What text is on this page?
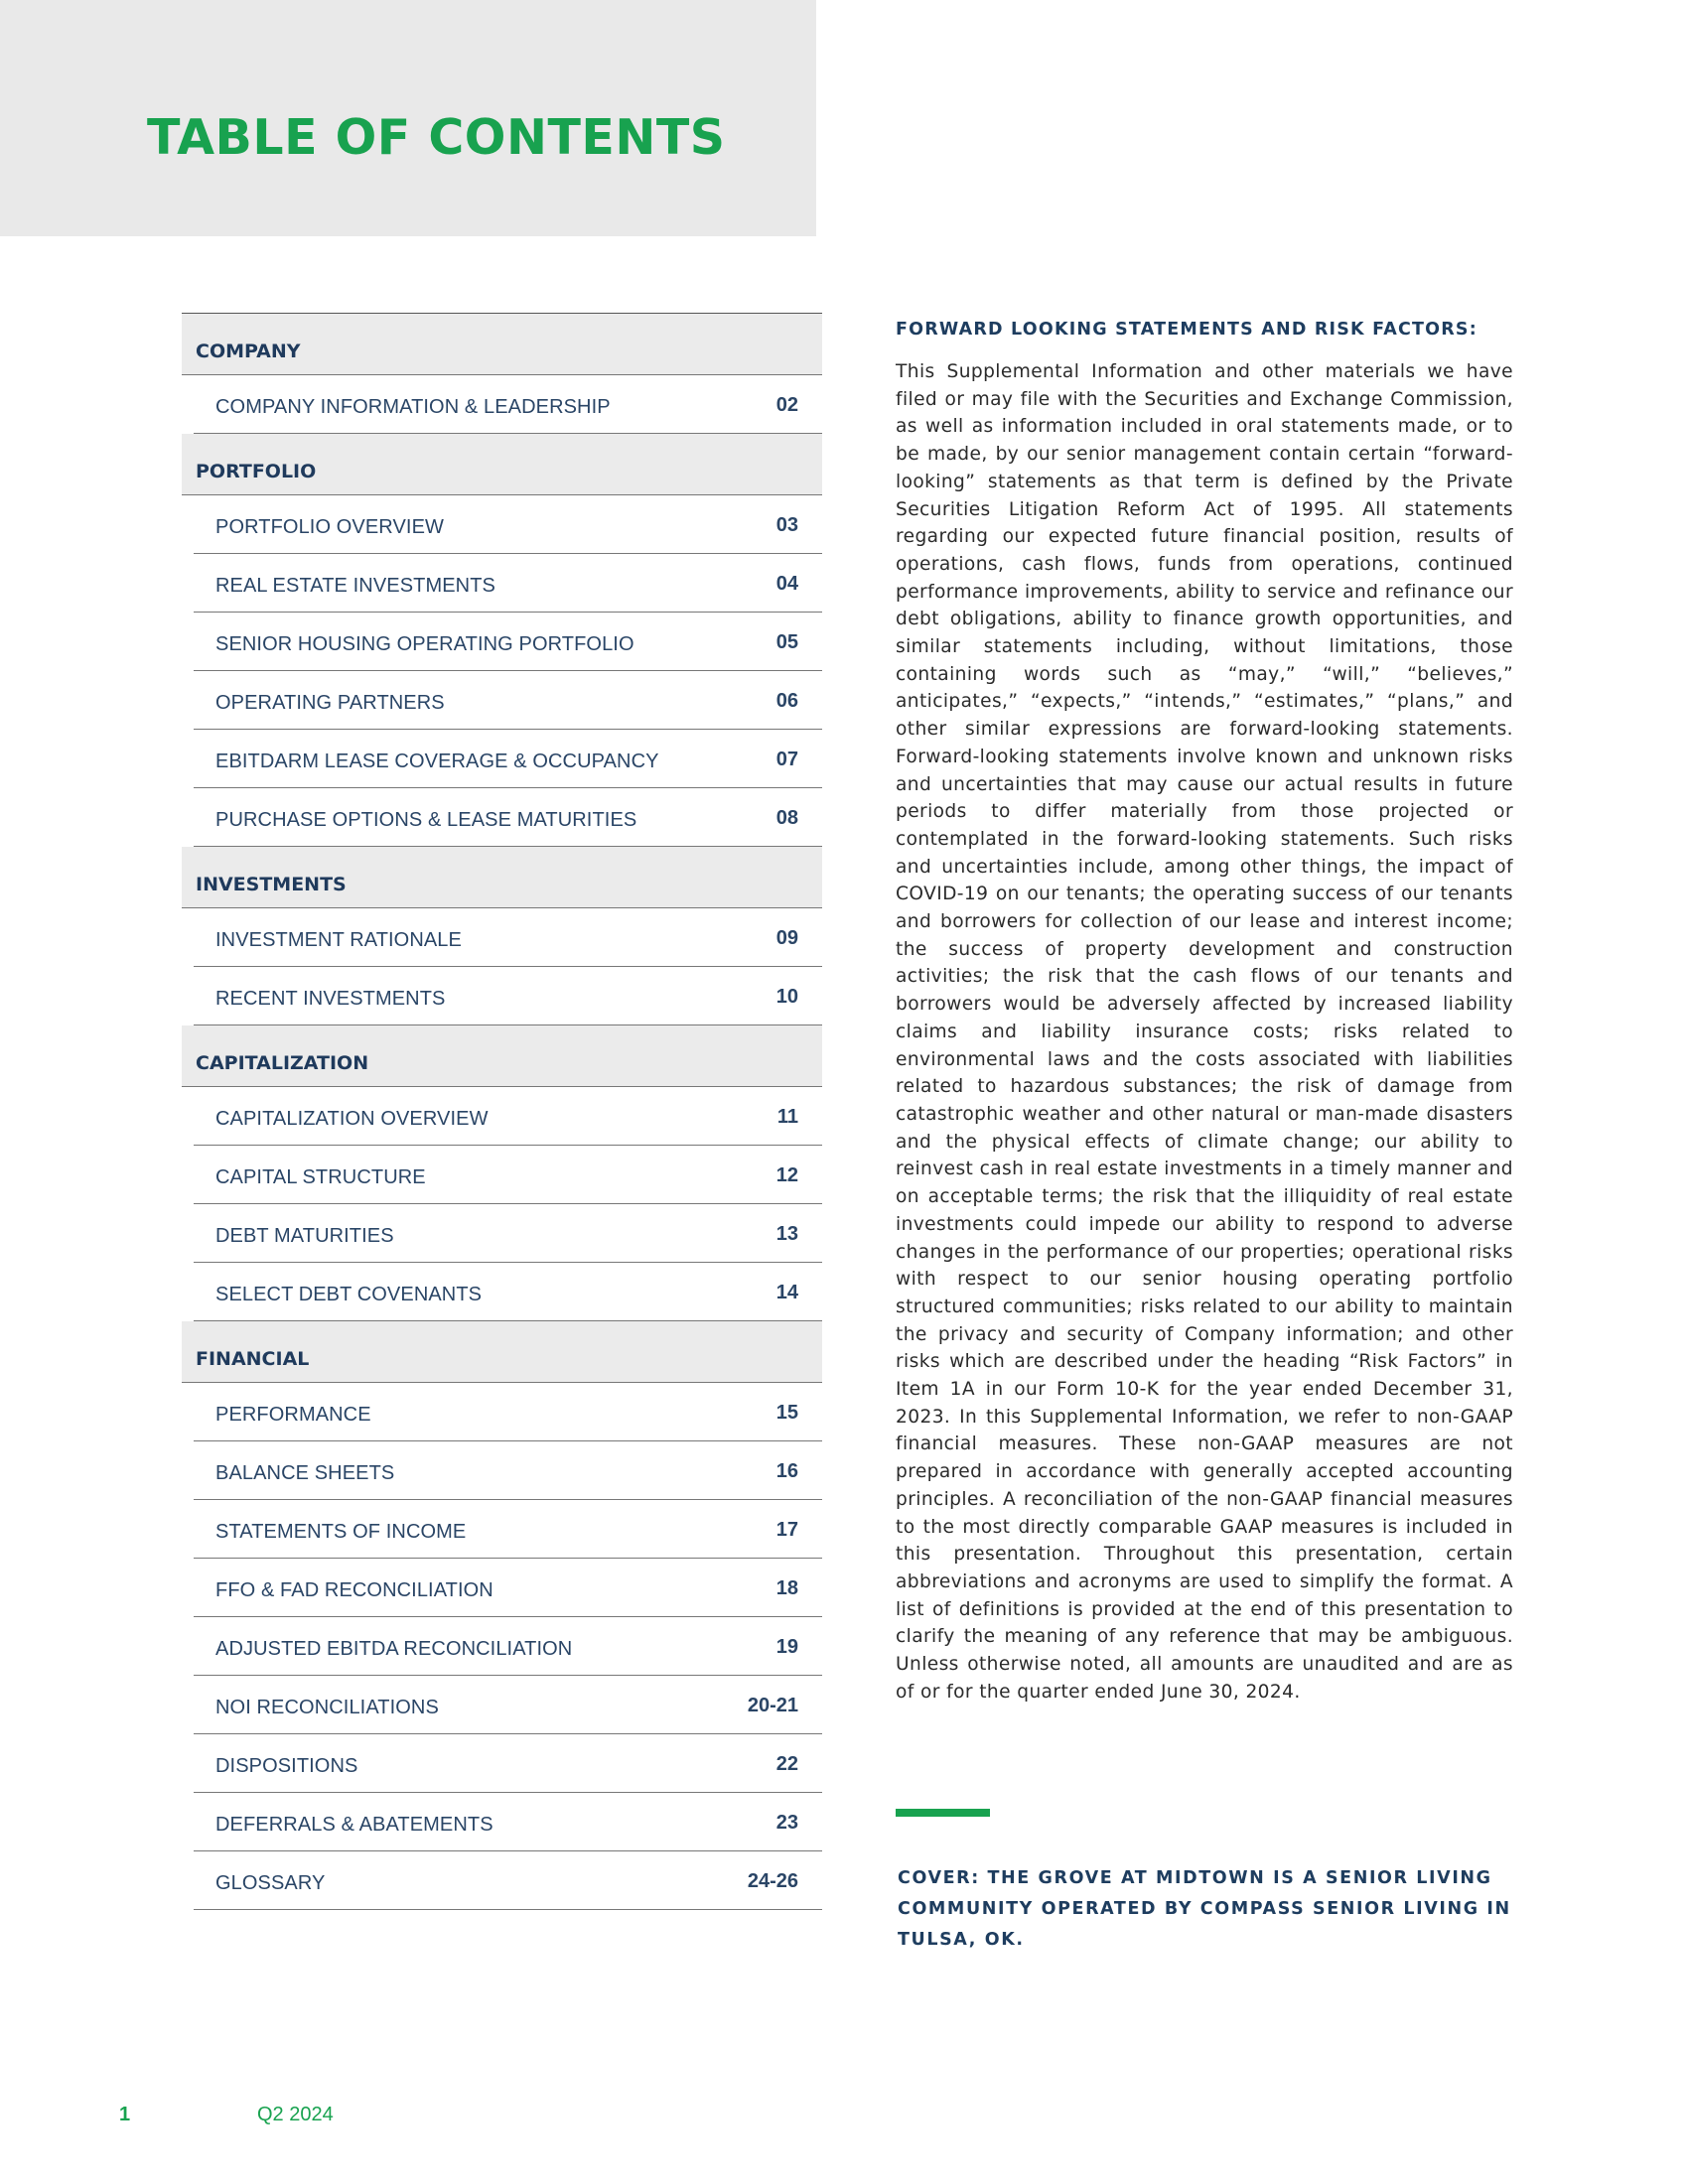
TABLE OF CONTENTS
COMPANY
COMPANY INFORMATION & LEADERSHIP	02
PORTFOLIO
PORTFOLIO OVERVIEW	03
REAL ESTATE INVESTMENTS	04
SENIOR HOUSING OPERATING PORTFOLIO	05
OPERATING PARTNERS	06
EBITDARM LEASE COVERAGE & OCCUPANCY	07
PURCHASE OPTIONS & LEASE MATURITIES	08
INVESTMENTS
INVESTMENT RATIONALE	09
RECENT INVESTMENTS	10
CAPITALIZATION
CAPITALIZATION OVERVIEW	11
CAPITAL STRUCTURE	12
DEBT MATURITIES	13
SELECT DEBT COVENANTS	14
FINANCIAL
PERFORMANCE	15
BALANCE SHEETS	16
STATEMENTS OF INCOME	17
FFO & FAD RECONCILIATION	18
ADJUSTED EBITDA RECONCILIATION	19
NOI RECONCILIATIONS	20-21
DISPOSITIONS	22
DEFERRALS & ABATEMENTS	23
GLOSSARY	24-26
FORWARD LOOKING STATEMENTS AND RISK FACTORS:

This Supplemental Information and other materials we have filed or may file with the Securities and Exchange Commission, as well as information included in oral statements made, or to be made, by our senior management contain certain “forward-looking” statements as that term is defined by the Private Securities Litigation Reform Act of 1995. All statements regarding our expected future financial position, results of operations, cash flows, funds from operations, continued performance improvements, ability to service and refinance our debt obligations, ability to finance growth opportunities, and similar statements including, without limitations, those containing words such as “may,” “will,” “believes,” anticipates,” “expects,” “intends,” “estimates,” “plans,” and other similar expressions are forward-looking statements. Forward-looking statements involve known and unknown risks and uncertainties that may cause our actual results in future periods to differ materially from those projected or contemplated in the forward-looking statements. Such risks and uncertainties include, among other things, the impact of COVID-19 on our tenants; the operating success of our tenants and borrowers for collection of our lease and interest income; the success of property development and construction activities; the risk that the cash flows of our tenants and borrowers would be adversely affected by increased liability claims and liability insurance costs; risks related to environmental laws and the costs associated with liabilities related to hazardous substances; the risk of damage from catastrophic weather and other natural or man-made disasters and the physical effects of climate change; our ability to reinvest cash in real estate investments in a timely manner and on acceptable terms; the risk that the illiquidity of real estate investments could impede our ability to respond to adverse changes in the performance of our properties; operational risks with respect to our senior housing operating portfolio structured communities; risks related to our ability to maintain the privacy and security of Company information; and other risks which are described under the heading “Risk Factors” in Item 1A in our Form 10-K for the year ended December 31, 2023. In this Supplemental Information, we refer to non-GAAP financial measures. These non-GAAP measures are not prepared in accordance with generally accepted accounting principles. A reconciliation of the non-GAAP financial measures to the most directly comparable GAAP measures is included in this presentation. Throughout this presentation, certain abbreviations and acronyms are used to simplify the format. A list of definitions is provided at the end of this presentation to clarify the meaning of any reference that may be ambiguous. Unless otherwise noted, all amounts are unaudited and are as of or for the quarter ended June 30, 2024.

COVER: THE GROVE AT MIDTOWN IS A SENIOR LIVING COMMUNITY OPERATED BY COMPASS SENIOR LIVING IN TULSA, OK.

1	Q2 2024
